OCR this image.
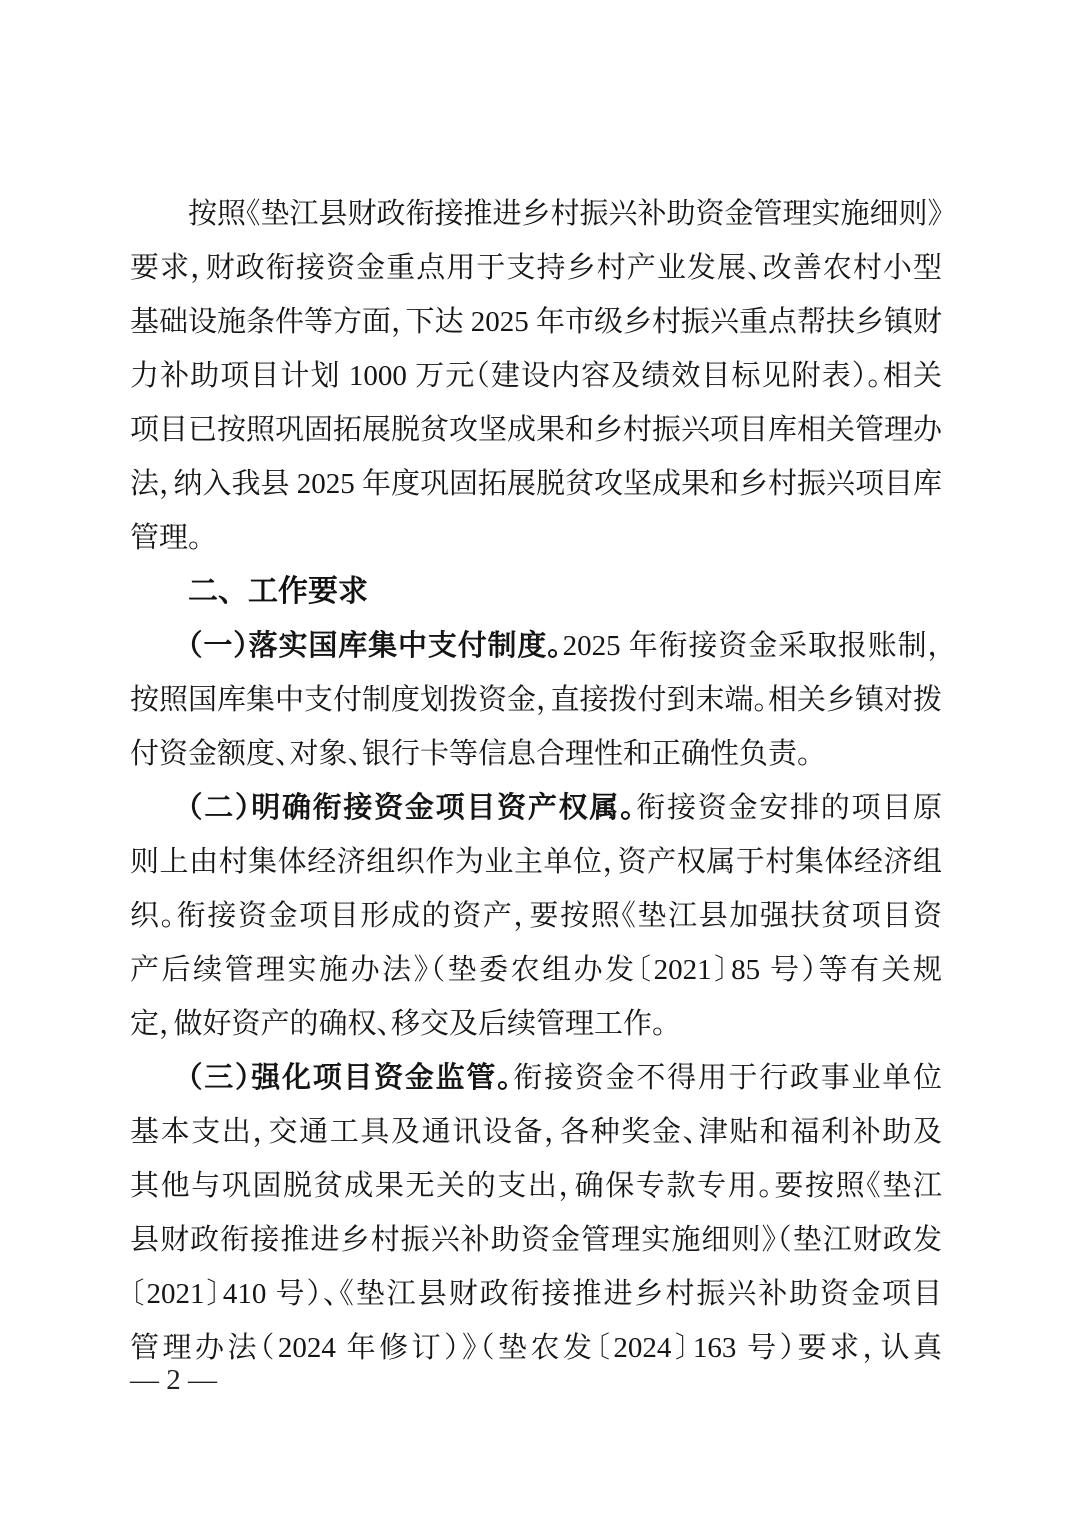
按照《垫江县财政衔接推进乡村振兴补助资金管理实施细则》
要求，财政衔接资金重点用于支持乡村产业发展、改善农村小型
基础设施条件等方面，下达 2025 年市级乡村振兴重点帮扶乡镇财
力补助项目计划 1000 万元（建设内容及绩效目标见附表）。相关
项目已按照巩固拓展脱贫攻坚成果和乡村振兴项目库相关管理办
法，纳入我县 2025 年度巩固拓展脱贫攻坚成果和乡村振兴项目库
管理。
二、工作要求
（一）落实国库集中支付制度。2025 年衔接资金采取报账制，
按照国库集中支付制度划拨资金，直接拨付到末端。相关乡镇对拨
付资金额度、对象、银行卡等信息合理性和正确性负责。
（二）明确衔接资金项目资产权属。衔接资金安排的项目原
则上由村集体经济组织作为业主单位，资产权属于村集体经济组
织。衔接资金项目形成的资产，要按照《垫江县加强扶贫项目资
产后续管理实施办法》（垫委农组办发〔2021〕85 号）等有关规
定，做好资产的确权、移交及后续管理工作。
（三）强化项目资金监管。衔接资金不得用于行政事业单位
基本支出，交通工具及通讯设备，各种奖金、津贴和福利补助及
其他与巩固脱贫成果无关的支出，确保专款专用。要按照《垫江
县财政衔接推进乡村振兴补助资金管理实施细则》（垫江财政发
〔2021〕410 号）、《垫江县财政衔接推进乡村振兴补助资金项目
管理办法（2024 年修订）》（垫农发〔2024〕163 号）要求，认真
— 2 —
